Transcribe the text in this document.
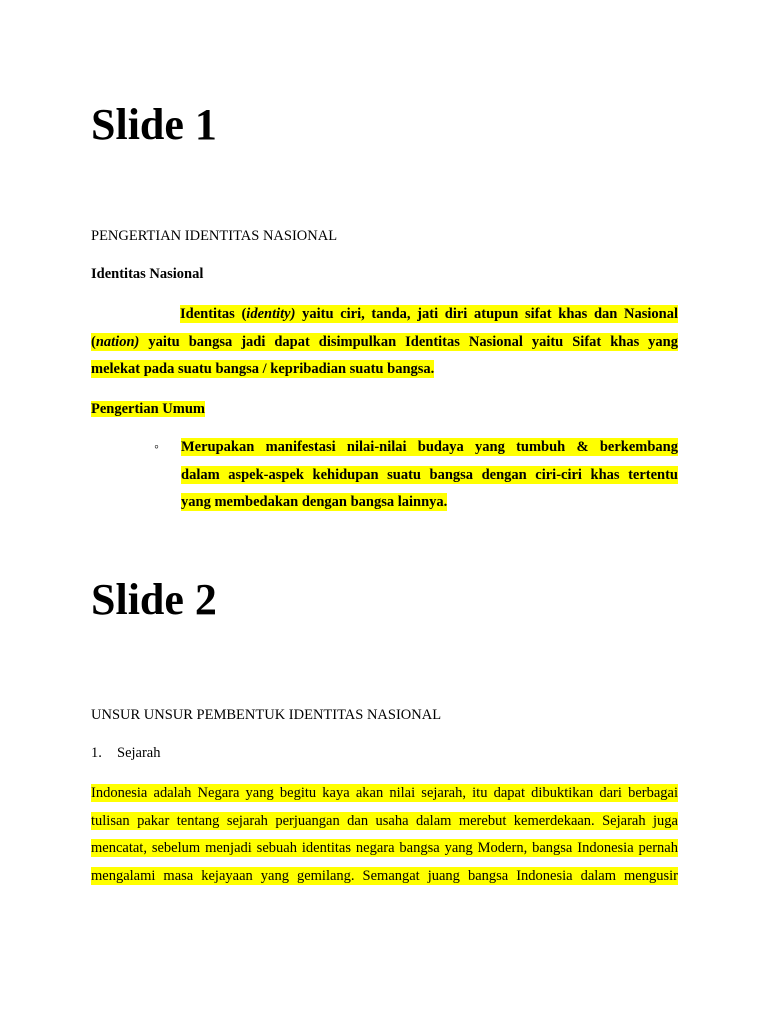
Slide 1
PENGERTIAN IDENTITAS NASIONAL
Identitas Nasional
Identitas (identity) yaitu ciri, tanda, jati diri atupun sifat khas dan Nasional
(nation) yaitu bangsa jadi dapat disimpulkan Identitas Nasional yaitu Sifat khas yang
melekat pada suatu bangsa / kepribadian suatu bangsa.
Pengertian Umum
◦ Merupakan manifestasi nilai-nilai budaya yang tumbuh & berkembang
dalam aspek-aspek kehidupan suatu bangsa dengan ciri-ciri khas tertentu
yang membedakan dengan bangsa lainnya.
Slide 2
UNSUR UNSUR PEMBENTUK IDENTITAS NASIONAL
1. Sejarah
Indonesia adalah Negara yang begitu kaya akan nilai sejarah, itu dapat dibuktikan dari berbagai
tulisan pakar tentang sejarah perjuangan dan usaha dalam merebut kemerdekaan. Sejarah juga
mencatat, sebelum menjadi sebuah identitas negara bangsa yang Modern, bangsa Indonesia pernah
mengalami masa kejayaan yang gemilang. Semangat juang bangsa Indonesia dalam mengusir
